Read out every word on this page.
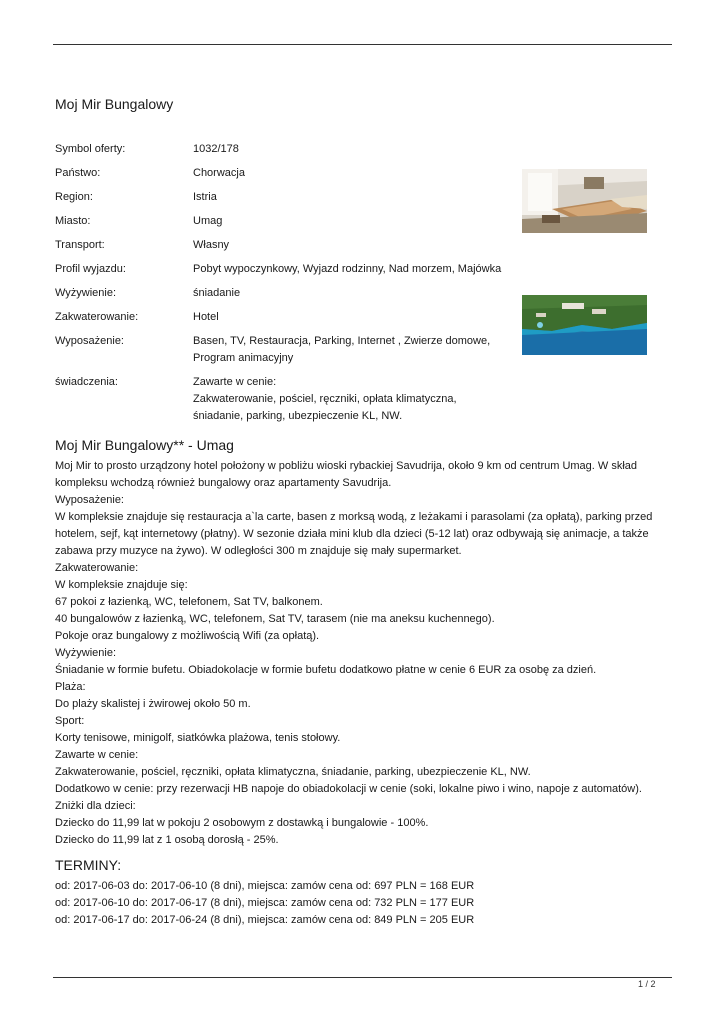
Moj Mir Bungalowy
Symbol oferty:	1032/178
Państwo:	Chorwacja
Region:	Istria
Miasto:	Umag
Transport:	Własny
Profil wyjazdu:	Pobyt wypoczynkowy, Wyjazd rodzinny, Nad morzem, Majówka
Wyżywienie:	śniadanie
Zakwaterowanie:	Hotel
Wyposażenie:	Basen, TV, Restauracja, Parking, Internet , Zwierze domowe,
Program animacyjny
świadczenia:	Zawarte w cenie:
Zakwaterowanie, pościel, ręczniki, opłata klimatyczna,
śniadanie, parking, ubezpieczenie KL, NW.
Moj Mir Bungalowy** - Umag
Moj Mir to prosto urządzony hotel położony w pobliżu wioski rybackiej Savudrija, około 9 km od centrum Umag. W skład
kompleksu wchodzą również bungalowy oraz apartamenty Savudrija.
Wyposażenie:
W kompleksie znajduje się restauracja a`la carte, basen z morksą wodą, z leżakami i parasolami (za opłatą), parking przed
hotelem, sejf, kąt internetowy (płatny). W sezonie działa mini klub dla dzieci (5-12 lat) oraz odbywają się animacje, a także
zabawa przy muzyce na żywo). W odległości 300 m znajduje się mały supermarket.
Zakwaterowanie:
W kompleksie znajduje się:
67 pokoi z łazienką, WC, telefonem, Sat TV, balkonem.
40 bungalowów z łazienką, WC, telefonem, Sat TV, tarasem (nie ma aneksu kuchennego).
Pokoje oraz bungalowy z możliwością Wifi (za opłatą).
Wyżywienie:
Śniadanie w formie bufetu. Obiadokolacje w formie bufetu dodatkowo płatne w cenie 6 EUR za osobę za dzień.
Plaża:
Do plaży skalistej i żwirowej około 50 m.
Sport:
Korty tenisowe, minigolf, siatkówka plażowa, tenis stołowy.
Zawarte w cenie:
Zakwaterowanie, pościel, ręczniki, opłata klimatyczna, śniadanie, parking, ubezpieczenie KL, NW.
Dodatkowo w cenie: przy rezerwacji HB napoje do obiadokolacji w cenie (soki, lokalne piwo i wino, napoje z automatów).
Zniżki dla dzieci:
Dziecko do 11,99 lat w pokoju 2 osobowym z dostawką i bungalowie - 100%.
Dziecko do 11,99 lat z 1 osobą dorosłą - 25%.
TERMINY:
od: 2017-06-03 do: 2017-06-10 (8 dni), miejsca: zamów cena od: 697 PLN = 168 EUR
od: 2017-06-10 do: 2017-06-17 (8 dni), miejsca: zamów cena od: 732 PLN = 177 EUR
od: 2017-06-17 do: 2017-06-24 (8 dni), miejsca: zamów cena od: 849 PLN = 205 EUR
1 / 2
